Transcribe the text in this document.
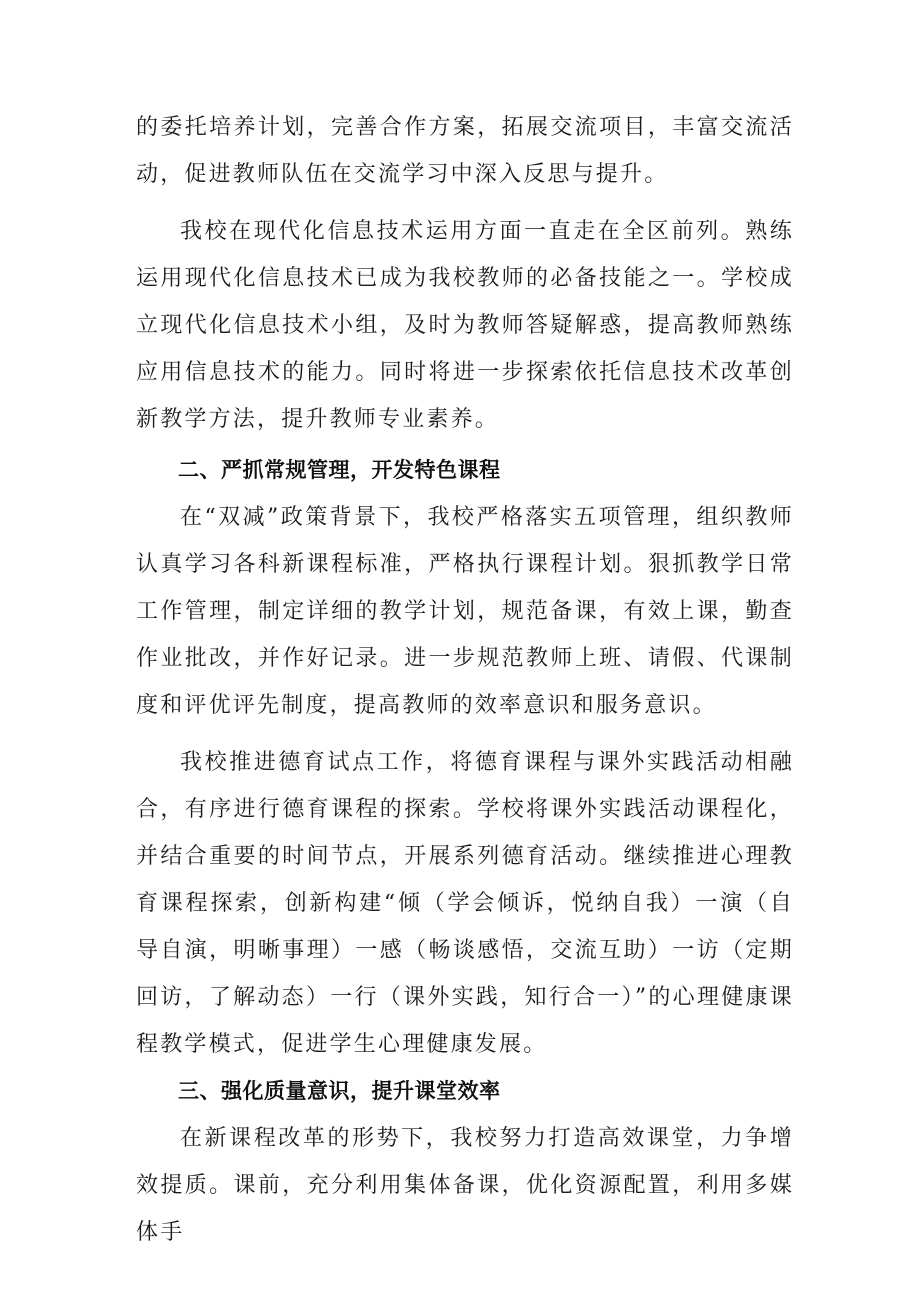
的委托培养计划，完善合作方案，拓展交流项目，丰富交流活动，促进教师队伍在交流学习中深入反思与提升。

我校在现代化信息技术运用方面一直走在全区前列。熟练运用现代化信息技术已成为我校教师的必备技能之一。学校成立现代化信息技术小组，及时为教师答疑解惑，提高教师熟练应用信息技术的能力。同时将进一步探索依托信息技术改革创新教学方法，提升教师专业素养。

二、严抓常规管理，开发特色课程

在“双减”政策背景下，我校严格落实五项管理，组织教师认真学习各科新课程标准，严格执行课程计划。狠抓教学日常工作管理，制定详细的教学计划，规范备课，有效上课，勤查作业批改，并作好记录。进一步规范教师上班、请假、代课制度和评优评先制度，提高教师的效率意识和服务意识。

我校推进德育试点工作，将德育课程与课外实践活动相融合，有序进行德育课程的探索。学校将课外实践活动课程化，并结合重要的时间节点，开展系列德育活动。继续推进心理教育课程探索，创新构建“倾（学会倾诉，悦纳自我）一演（自导自演，明晰事理）一感（畅谈感悟，交流互助）一访（定期回访，了解动态）一行（课外实践，知行合一）”的心理健康课程教学模式，促进学生心理健康发展。

三、强化质量意识，提升课堂效率

在新课程改革的形势下，我校努力打造高效课堂，力争增效提质。课前，充分利用集体备课，优化资源配置，利用多媒体手
